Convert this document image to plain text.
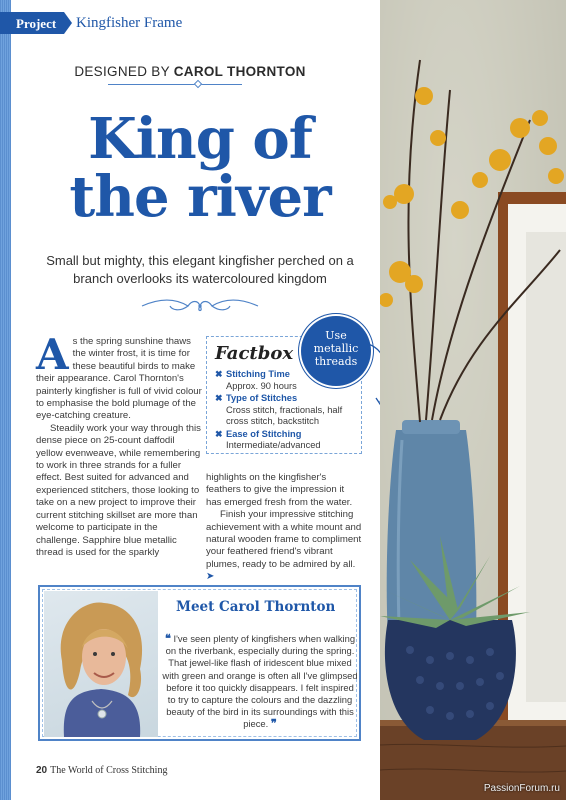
Project	Kingfisher Frame
DESIGNED BY CAROL THORNTON
King of
the river
Small but mighty, this elegant kingfisher perched on a branch overlooks its watercoloured kingdom
A s the spring sunshine thaws the winter frost, it is time for these beautiful birds to make their appearance. Carol Thornton's painterly kingfisher is full of vivid colour to emphasise the bold plumage of the eye-catching creature.

Steadily work your way through this dense piece on 25-count daffodil yellow evenweave, while remembering to work in three strands for a fuller effect. Best suited for advanced and experienced stitchers, those looking to take on a new project to improve their current stitching skillset are more than welcome to participate in the challenge. Sapphire blue metallic thread is used for the sparkly

Factbox
✖ Stitching Time
Approx. 90 hours
✖ Type of Stitches
Cross stitch, fractionals, half cross stitch, backstitch
✖ Ease of Stitching
Intermediate/advanced

highlights on the kingfisher's feathers to give the impression it has emerged fresh from the water.

Finish your impressive stitching achievement with a white mount and natural wooden frame to compliment your feathered friend's vibrant plumes, ready to be admired by all. ➤

Meet Carol Thornton
❝ I've seen plenty of kingfishers when walking on the riverbank, especially during the spring. That jewel-like flash of iridescent blue mixed with green and orange is often all I've glimpsed before it too quickly disappears. I felt inspired to try to capture the colours and the dazzling beauty of the bird in its surroundings with this piece. ❞
20 The World of Cross Stitching
Use
metallic
threads
PassionForum.ru
